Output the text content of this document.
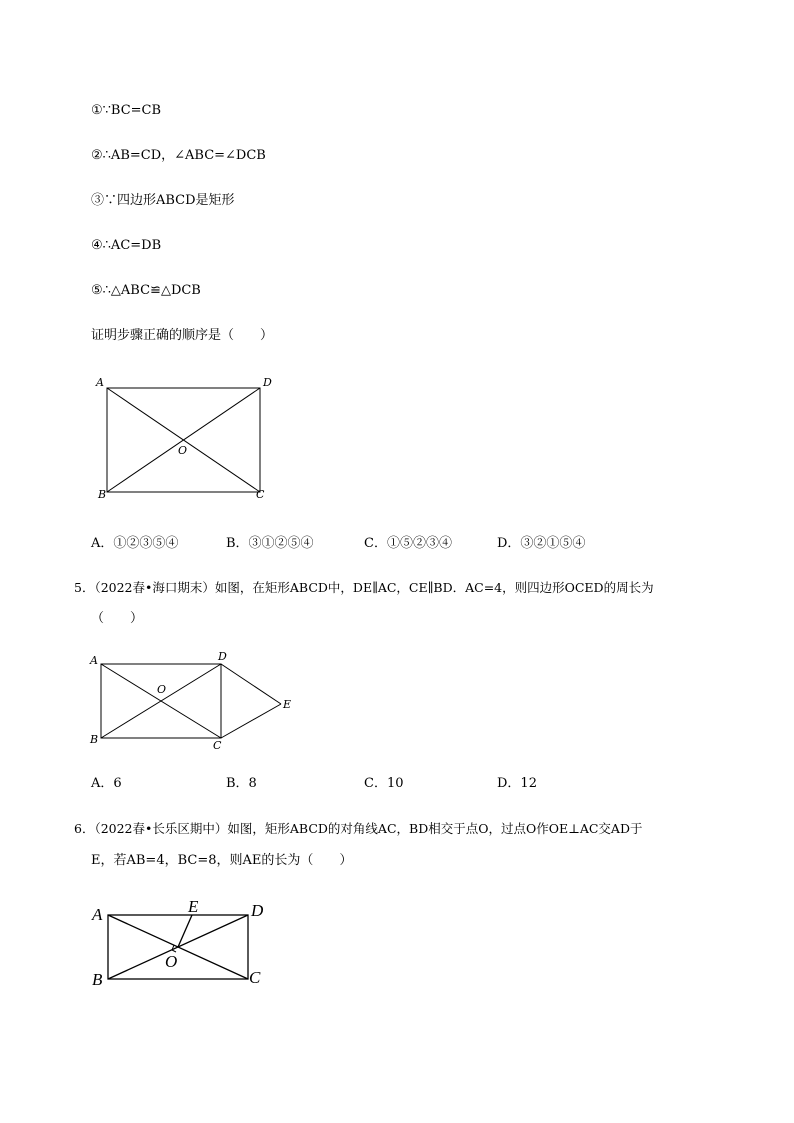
①∵BC=CB
②∴AB=CD，∠ABC=∠DCB
③∵四边形ABCD是矩形
④∴AC=DB
⑤∴△ABC≌△DCB
证明步骤正确的顺序是（　　）
A	D
B	C
O
A．①②③⑤④	B．③①②⑤④	C．①⑤②③④	D．③②①⑤④
5．（2022春•海口期末）如图，在矩形ABCD中，DE∥AC，CE∥BD．AC=4，则四边形OCED的周长为
（　　）
A	D
B	C
O
E
A．6	B．8	C．10	D．12
6．（2022春•长乐区期中）如图，矩形ABCD的对角线AC，BD相交于点O，过点O作OE⊥AC交AD于
E，若AB=4，BC=8，则AE的长为（　　）
A	E	D
B	C
O
